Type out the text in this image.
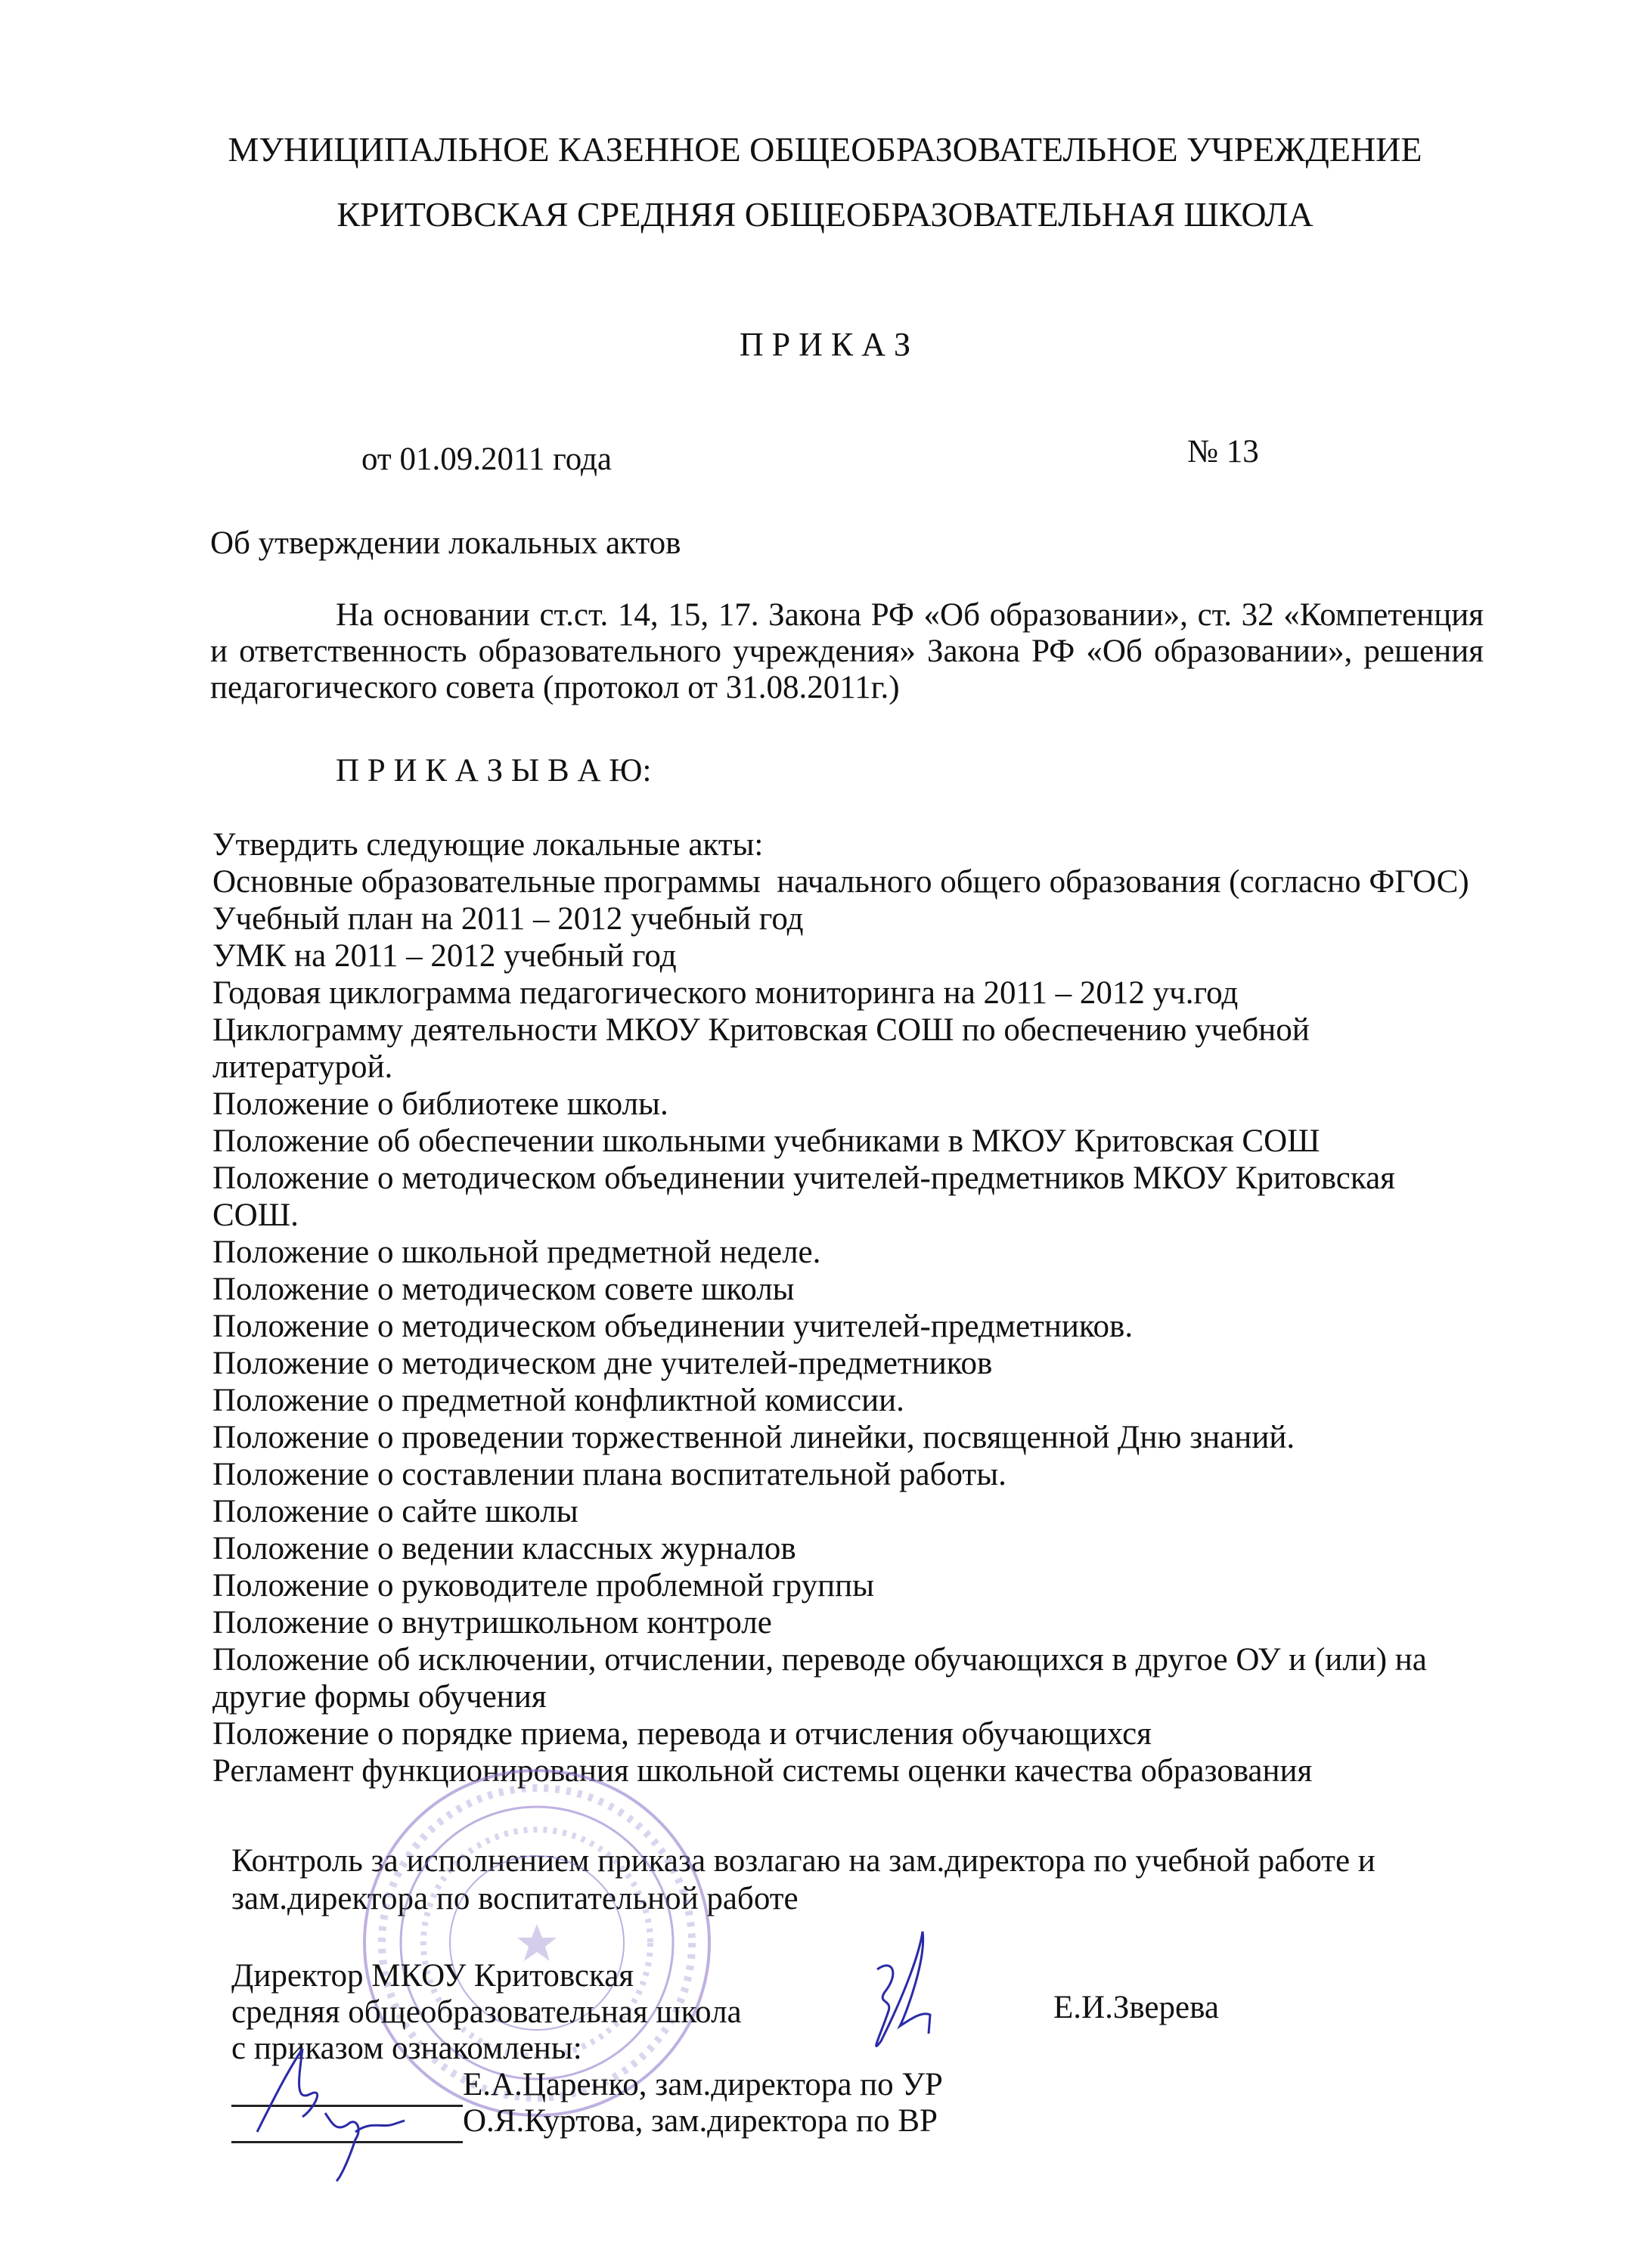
МУНИЦИПАЛЬНОЕ КАЗЕННОЕ ОБЩЕОБРАЗОВАТЕЛЬНОЕ УЧРЕЖДЕНИЕ
КРИТОВСКАЯ СРЕДНЯЯ ОБЩЕОБРАЗОВАТЕЛЬНАЯ ШКОЛА
П Р И К А З
от 01.09.2011 года	№ 13
Об утверждении локальных актов
На основании ст.ст. 14, 15, 17. Закона РФ «Об образовании», ст. 32 «Компетенция и ответственность образовательного учреждения» Закона РФ «Об образовании», решения педагогического совета (протокол от 31.08.2011г.)
П Р И К А З Ы В А Ю:
Утвердить следующие локальные акты:
Основные образовательные программы  начального общего образования (согласно ФГОС)
Учебный план на 2011 – 2012 учебный год
УМК на 2011 – 2012 учебный год
Годовая циклограмма педагогического мониторинга на 2011 – 2012 уч.год
Циклограмму деятельности МКОУ Критовская СОШ по обеспечению учебной
литературой.
Положение о библиотеке школы.
Положение об обеспечении школьными учебниками в МКОУ Критовская СОШ
Положение о методическом объединении учителей-предметников МКОУ Критовская
СОШ.
Положение о школьной предметной неделе.
Положение о методическом совете школы
Положение о методическом объединении учителей-предметников.
Положение о методическом дне учителей-предметников
Положение о предметной конфликтной комиссии.
Положение о проведении торжественной линейки, посвященной Дню знаний.
Положение о составлении плана воспитательной работы.
Положение о сайте школы
Положение о ведении классных журналов
Положение о руководителе проблемной группы
Положение о внутришкольном контроле
Положение об исключении, отчислении, переводе обучающихся в другое ОУ и (или) на
другие формы обучения
Положение о порядке приема, перевода и отчисления обучающихся
Регламент функционирования школьной системы оценки качества образования
Контроль за исполнением приказа возлагаю на зам.директора по учебной работе и
зам.директора по воспитательной работе
Директор МКОУ Критовская
средняя общеобразовательная школа	Е.И.Зверева
с приказом ознакомлены:
Е.А.Царенко, зам.директора по УР
О.Я.Куртова, зам.директора по ВР
